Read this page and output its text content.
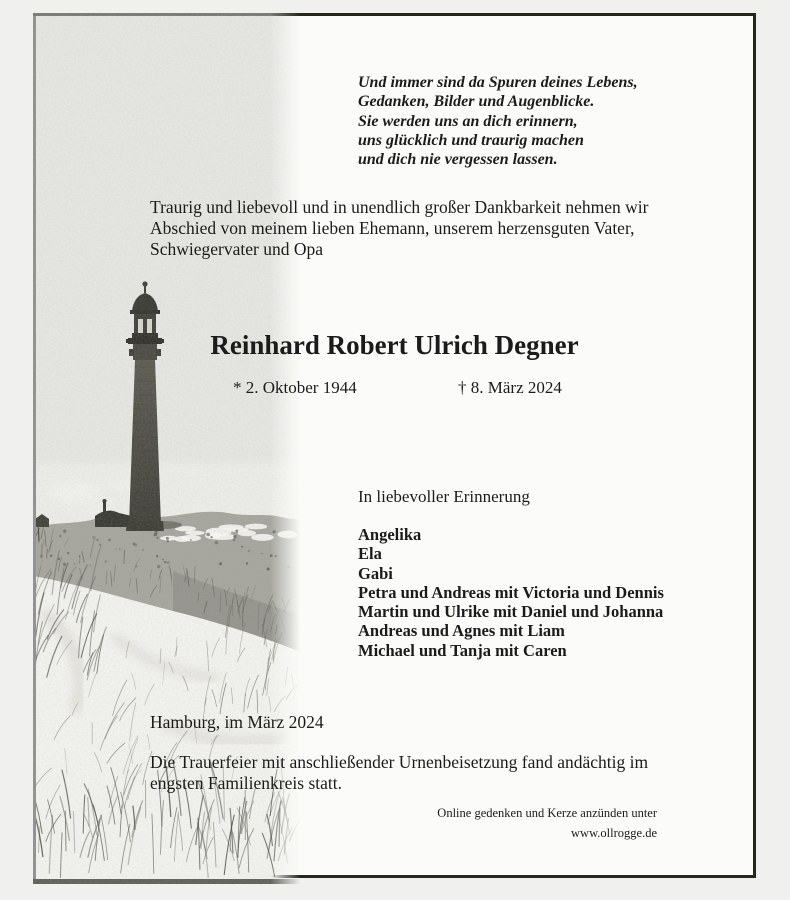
Und immer sind da Spuren deines Lebens,
Gedanken, Bilder und Augenblicke.
Sie werden uns an dich erinnern,
uns glücklich und traurig machen
und dich nie vergessen lassen.
Traurig und liebevoll und in unendlich großer Dankbarkeit nehmen wir
Abschied von meinem lieben Ehemann, unserem herzensguten Vater,
Schwiegervater und Opa
Reinhard Robert Ulrich Degner
* 2. Oktober 1944	† 8. März 2024
In liebevoller Erinnerung
Angelika
Ela
Gabi
Petra und Andreas mit Victoria und Dennis
Martin und Ulrike mit Daniel und Johanna
Andreas und Agnes mit Liam
Michael und Tanja mit Caren
Hamburg, im März 2024
Die Trauerfeier mit anschließender Urnenbeisetzung fand andächtig im
engsten Familienkreis statt.
Online gedenken und Kerze anzünden unter
www.ollrogge.de
